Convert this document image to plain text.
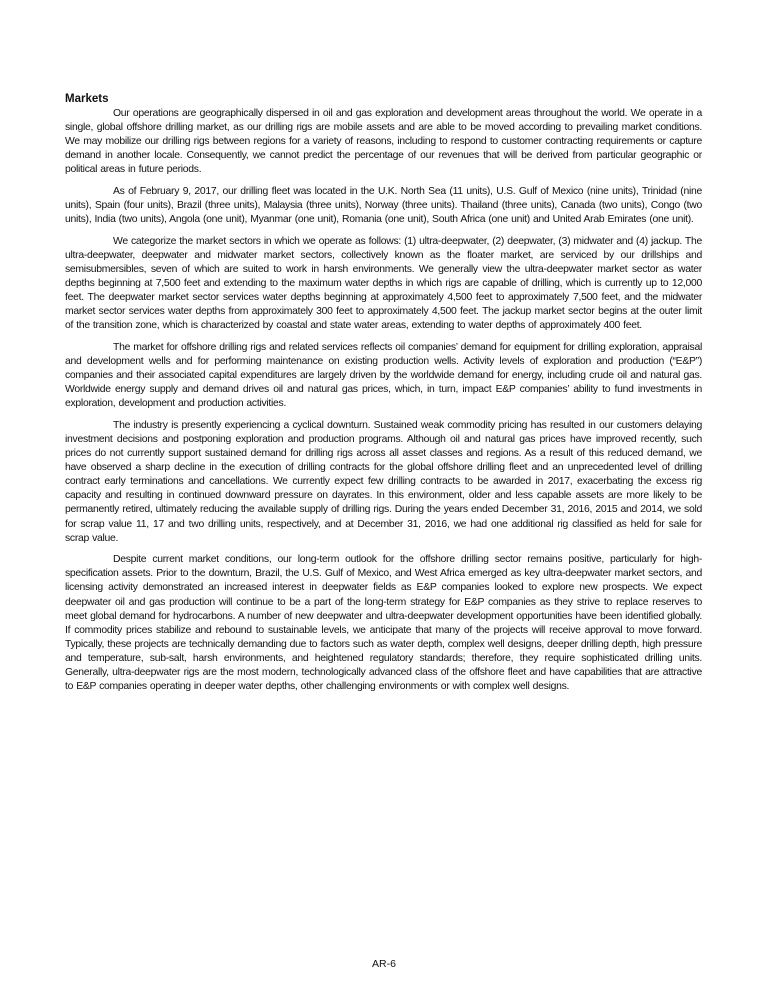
Markets

Our operations are geographically dispersed in oil and gas exploration and development areas throughout the world. We operate in a single, global offshore drilling market, as our drilling rigs are mobile assets and are able to be moved according to prevailing market conditions. We may mobilize our drilling rigs between regions for a variety of reasons, including to respond to customer contracting requirements or capture demand in another locale. Consequently, we cannot predict the percentage of our revenues that will be derived from particular geographic or political areas in future periods.

As of February 9, 2017, our drilling fleet was located in the U.K. North Sea (11 units), U.S. Gulf of Mexico (nine units), Trinidad (nine units), Spain (four units), Brazil (three units), Malaysia (three units), Norway (three units). Thailand (three units), Canada (two units), Congo (two units), India (two units), Angola (one unit), Myanmar (one unit), Romania (one unit), South Africa (one unit) and United Arab Emirates (one unit).

We categorize the market sectors in which we operate as follows: (1) ultra-deepwater, (2) deepwater, (3) midwater and (4) jackup. The ultra-deepwater, deepwater and midwater market sectors, collectively known as the floater market, are serviced by our drillships and semisubmersibles, seven of which are suited to work in harsh environments. We generally view the ultra-deepwater market sector as water depths beginning at 7,500 feet and extending to the maximum water depths in which rigs are capable of drilling, which is currently up to 12,000 feet. The deepwater market sector services water depths beginning at approximately 4,500 feet to approximately 7,500 feet, and the midwater market sector services water depths from approximately 300 feet to approximately 4,500 feet. The jackup market sector begins at the outer limit of the transition zone, which is characterized by coastal and state water areas, extending to water depths of approximately 400 feet.

The market for offshore drilling rigs and related services reflects oil companies’ demand for equipment for drilling exploration, appraisal and development wells and for performing maintenance on existing production wells. Activity levels of exploration and production (“E&P”) companies and their associated capital expenditures are largely driven by the worldwide demand for energy, including crude oil and natural gas. Worldwide energy supply and demand drives oil and natural gas prices, which, in turn, impact E&P companies’ ability to fund investments in exploration, development and production activities.

The industry is presently experiencing a cyclical downturn. Sustained weak commodity pricing has resulted in our customers delaying investment decisions and postponing exploration and production programs. Although oil and natural gas prices have improved recently, such prices do not currently support sustained demand for drilling rigs across all asset classes and regions. As a result of this reduced demand, we have observed a sharp decline in the execution of drilling contracts for the global offshore drilling fleet and an unprecedented level of drilling contract early terminations and cancellations. We currently expect few drilling contracts to be awarded in 2017, exacerbating the excess rig capacity and resulting in continued downward pressure on dayrates. In this environment, older and less capable assets are more likely to be permanently retired, ultimately reducing the available supply of drilling rigs. During the years ended December 31, 2016, 2015 and 2014, we sold for scrap value 11, 17 and two drilling units, respectively, and at December 31, 2016, we had one additional rig classified as held for sale for scrap value.

Despite current market conditions, our long-term outlook for the offshore drilling sector remains positive, particularly for high-specification assets. Prior to the downturn, Brazil, the U.S. Gulf of Mexico, and West Africa emerged as key ultra-deepwater market sectors, and licensing activity demonstrated an increased interest in deepwater fields as E&P companies looked to explore new prospects. We expect deepwater oil and gas production will continue to be a part of the long-term strategy for E&P companies as they strive to replace reserves to meet global demand for hydrocarbons. A number of new deepwater and ultra-deepwater development opportunities have been identified globally. If commodity prices stabilize and rebound to sustainable levels, we anticipate that many of the projects will receive approval to move forward. Typically, these projects are technically demanding due to factors such as water depth, complex well designs, deeper drilling depth, high pressure and temperature, sub-salt, harsh environments, and heightened regulatory standards; therefore, they require sophisticated drilling units. Generally, ultra-deepwater rigs are the most modern, technologically advanced class of the offshore fleet and have capabilities that are attractive to E&P companies operating in deeper water depths, other challenging environments or with complex well designs.

AR-6
